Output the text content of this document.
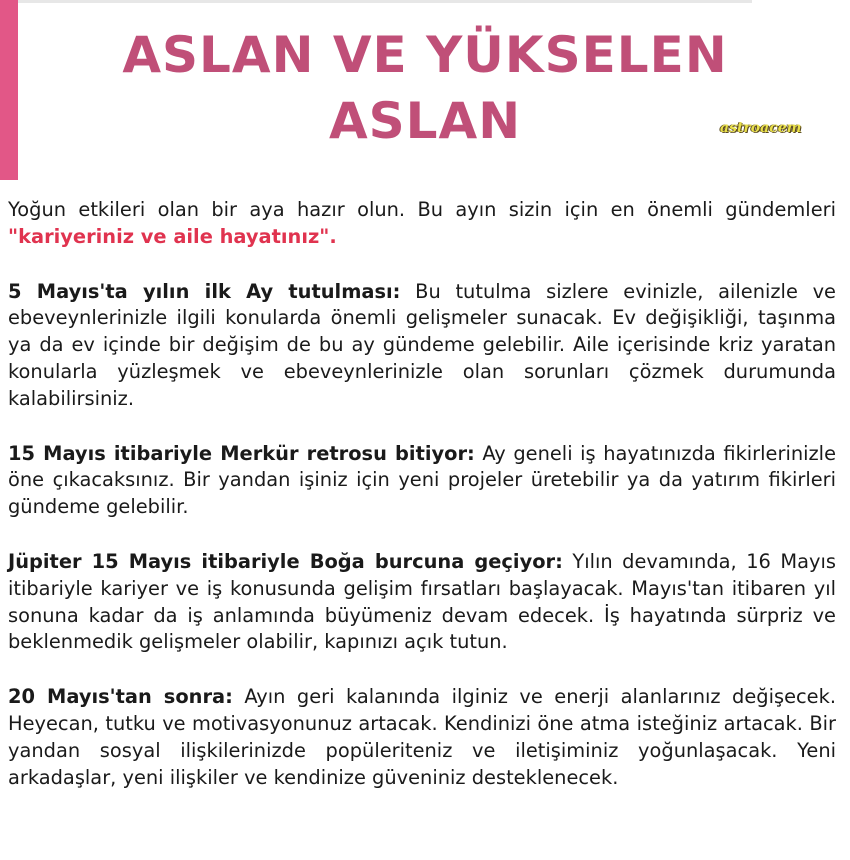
ASLAN VE YÜKSELEN
ASLAN	astroacem

Yoğun etkileri olan bir aya hazır olun. Bu ayın sizin için en önemli gündemleri "kariyeriniz ve aile hayatınız".

5 Mayıs'ta yılın ilk Ay tutulması: Bu tutulma sizlere evinizle, ailenizle ve ebeveynlerinizle ilgili konularda önemli gelişmeler sunacak. Ev değişikliği, taşınma ya da ev içinde bir değişim de bu ay gündeme gelebilir. Aile içerisinde kriz yaratan konularla yüzleşmek ve ebeveynlerinizle olan sorunları çözmek durumunda kalabilirsiniz.

15 Mayıs itibariyle Merkür retrosu bitiyor: Ay geneli iş hayatınızda fikirlerinizle öne çıkacaksınız. Bir yandan işiniz için yeni projeler üretebilir ya da yatırım fikirleri gündeme gelebilir.

Jüpiter 15 Mayıs itibariyle Boğa burcuna geçiyor: Yılın devamında, 16 Mayıs itibariyle kariyer ve iş konusunda gelişim fırsatları başlayacak. Mayıs'tan itibaren yıl sonuna kadar da iş anlamında büyümeniz devam edecek. İş hayatında sürpriz ve beklenmedik gelişmeler olabilir, kapınızı açık tutun.

20 Mayıs'tan sonra: Ayın geri kalanında ilginiz ve enerji alanlarınız değişecek. Heyecan, tutku ve motivasyonunuz artacak. Kendinizi öne atma isteğiniz artacak. Bir yandan sosyal ilişkilerinizde popüleriteniz ve iletişiminiz yoğunlaşacak. Yeni arkadaşlar, yeni ilişkiler ve kendinize güveniniz desteklenecek.
